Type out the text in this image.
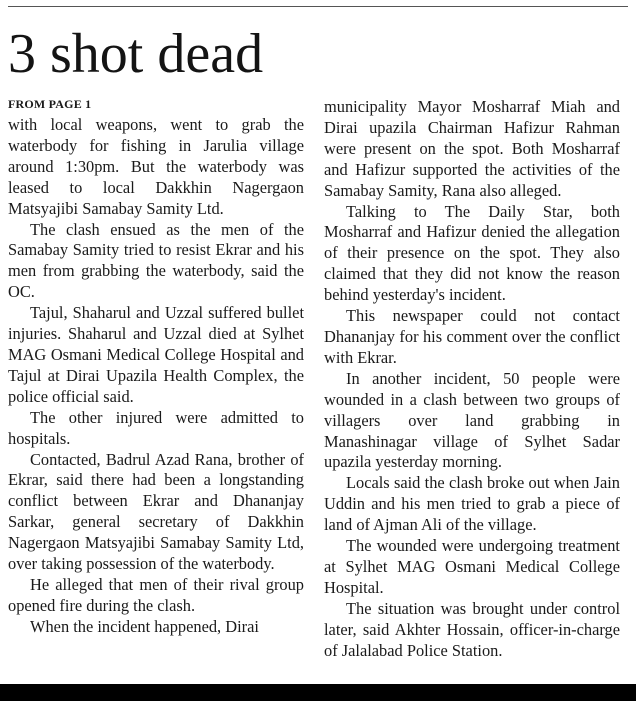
3 shot dead
FROM PAGE 1

with local weapons, went to grab the waterbody for fishing in Jarulia village around 1:30pm. But the waterbody was leased to local Dakkhin Nagergaon Matsyajibi Samabay Samity Ltd.

The clash ensued as the men of the Samabay Samity tried to resist Ekrar and his men from grabbing the waterbody, said the OC.

Tajul, Shaharul and Uzzal suffered bullet injuries. Shaharul and Uzzal died at Sylhet MAG Osmani Medical College Hospital and Tajul at Dirai Upazila Health Complex, the police official said.

The other injured were admitted to hospitals.

Contacted, Badrul Azad Rana, brother of Ekrar, said there had been a longstanding conflict between Ekrar and Dhananjay Sarkar, general secretary of Dakkhin Nagergaon Matsyajibi Samabay Samity Ltd, over taking possession of the waterbody.

He alleged that men of their rival group opened fire during the clash.

When the incident happened, Dirai

municipality Mayor Mosharraf Miah and Dirai upazila Chairman Hafizur Rahman were present on the spot. Both Mosharraf and Hafizur supported the activities of the Samabay Samity, Rana also alleged.

Talking to The Daily Star, both Mosharraf and Hafizur denied the allegation of their presence on the spot. They also claimed that they did not know the reason behind yesterday's incident.

This newspaper could not contact Dhananjay for his comment over the conflict with Ekrar.

In another incident, 50 people were wounded in a clash between two groups of villagers over land grabbing in Manashinagar village of Sylhet Sadar upazila yesterday morning.

Locals said the clash broke out when Jain Uddin and his men tried to grab a piece of land of Ajman Ali of the village.

The wounded were undergoing treatment at Sylhet MAG Osmani Medical College Hospital.

The situation was brought under control later, said Akhter Hossain, officer-in-charge of Jalalabad Police Station.
